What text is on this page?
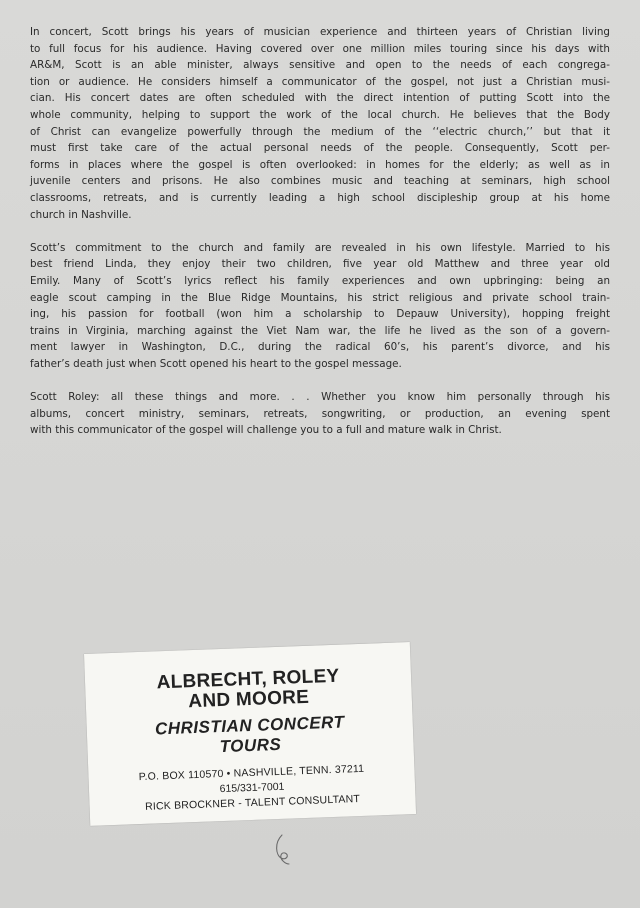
In concert, Scott brings his years of musician experience and thirteen years of Christian living
to full focus for his audience. Having covered over one million miles touring since his days with
AR&M, Scott is an able minister, always sensitive and open to the needs of each congrega-
tion or audience. He considers himself a communicator of the gospel, not just a Christian musi-
cian. His concert dates are often scheduled with the direct intention of putting Scott into the
whole community, helping to support the work of the local church. He believes that the Body
of Christ can evangelize powerfully through the medium of the ‘‘electric church,’’ but that it
must first take care of the actual personal needs of the people. Consequently, Scott per-
forms in places where the gospel is often overlooked: in homes for the elderly; as well as in
juvenile centers and prisons. He also combines music and teaching at seminars, high school
classrooms, retreats, and is currently leading a high school discipleship group at his home
church in Nashville.
Scott’s commitment to the church and family are revealed in his own lifestyle. Married to his
best friend Linda, they enjoy their two children, five year old Matthew and three year old
Emily. Many of Scott’s lyrics reflect his family experiences and own upbringing: being an
eagle scout camping in the Blue Ridge Mountains, his strict religious and private school train-
ing, his passion for football (won him a scholarship to Depauw University), hopping freight
trains in Virginia, marching against the Viet Nam war, the life he lived as the son of a govern-
ment lawyer in Washington, D.C., during the radical 60’s, his parent’s divorce, and his
father’s death just when Scott opened his heart to the gospel message.
Scott Roley: all these things and more. . . Whether you know him personally through his
albums, concert ministry, seminars, retreats, songwriting, or production, an evening spent
with this communicator of the gospel will challenge you to a full and mature walk in Christ.
ALBRECHT, ROLEY
AND MOORE
CHRISTIAN CONCERT
TOURS
P.O. BOX 110570 • NASHVILLE, TENN. 37211
615/331-7001
RICK BROCKNER - TALENT CONSULTANT
